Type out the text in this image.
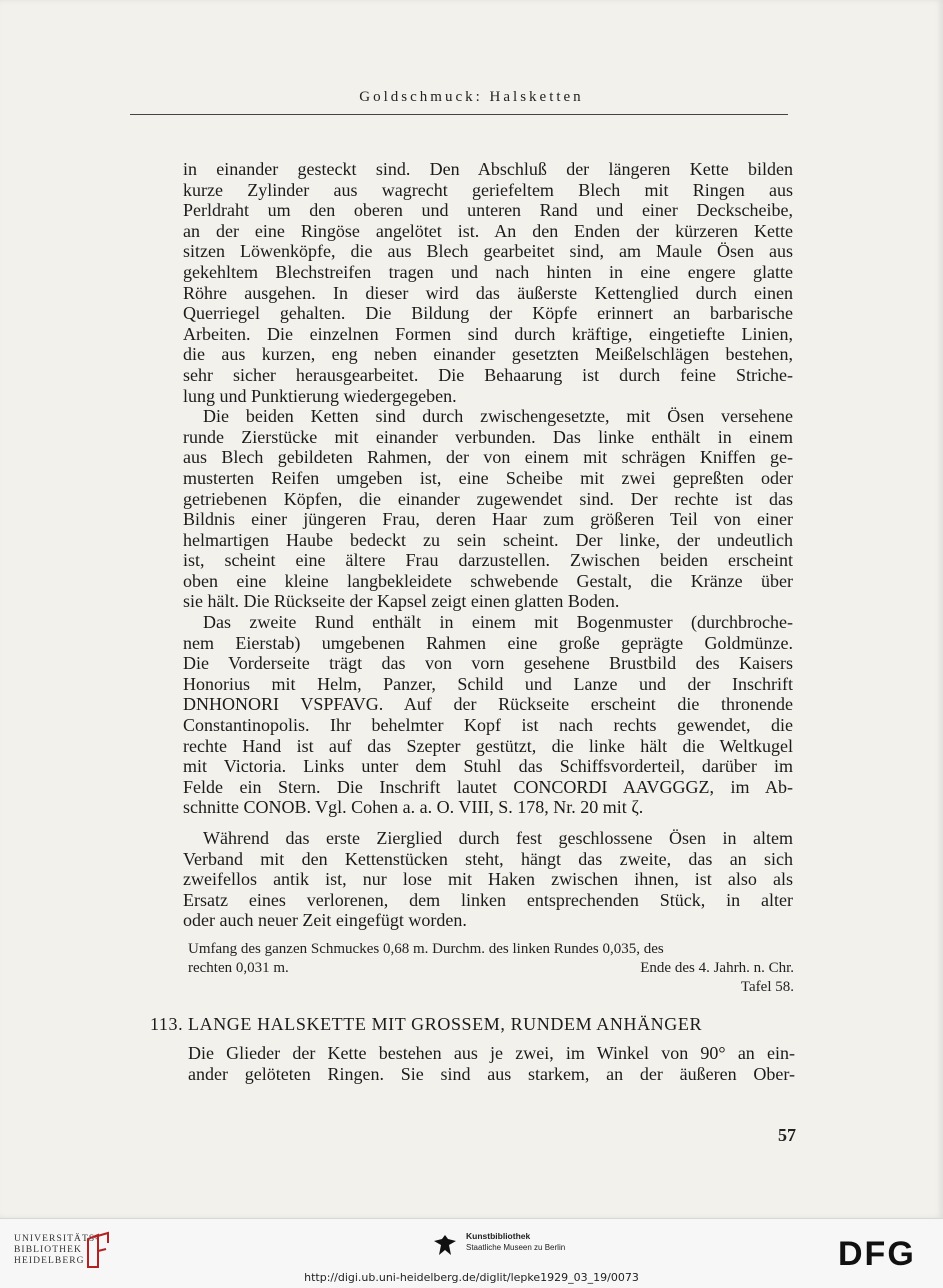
Goldschmuck: Halsketten

in einander gesteckt sind. Den Abschluß der längeren Kette bilden
kurze Zylinder aus wagrecht geriefeltem Blech mit Ringen aus
Perldraht um den oberen und unteren Rand und einer Deckscheibe,
an der eine Ringöse angelötet ist. An den Enden der kürzeren Kette
sitzen Löwenköpfe, die aus Blech gearbeitet sind, am Maule Ösen aus
gekehltem Blechstreifen tragen und nach hinten in eine engere glatte
Röhre ausgehen. In dieser wird das äußerste Kettenglied durch einen
Querriegel gehalten. Die Bildung der Köpfe erinnert an barbarische
Arbeiten. Die einzelnen Formen sind durch kräftige, eingetiefte Linien,
die aus kurzen, eng neben einander gesetzten Meißelschlägen bestehen,
sehr sicher herausgearbeitet. Die Behaarung ist durch feine Striche-
lung und Punktierung wiedergegeben.

Die beiden Ketten sind durch zwischengesetzte, mit Ösen versehene
runde Zierstücke mit einander verbunden. Das linke enthält in einem
aus Blech gebildeten Rahmen, der von einem mit schrägen Kniffen ge-
musterten Reifen umgeben ist, eine Scheibe mit zwei gepreßten oder
getriebenen Köpfen, die einander zugewendet sind. Der rechte ist das
Bildnis einer jüngeren Frau, deren Haar zum größeren Teil von einer
helmartigen Haube bedeckt zu sein scheint. Der linke, der undeutlich
ist, scheint eine ältere Frau darzustellen. Zwischen beiden erscheint
oben eine kleine langbekleidete schwebende Gestalt, die Kränze über
sie hält. Die Rückseite der Kapsel zeigt einen glatten Boden.

Das zweite Rund enthält in einem mit Bogenmuster (durchbroche-
nem Eierstab) umgebenen Rahmen eine große geprägte Goldmünze.
Die Vorderseite trägt das von vorn gesehene Brustbild des Kaisers
Honorius mit Helm, Panzer, Schild und Lanze und der Inschrift
DNHONORI VSPFAVG. Auf der Rückseite erscheint die thronende
Constantinopolis. Ihr behelmter Kopf ist nach rechts gewendet, die
rechte Hand ist auf das Szepter gestützt, die linke hält die Weltkugel
mit Victoria. Links unter dem Stuhl das Schiffsvorderteil, darüber im
Felde ein Stern. Die Inschrift lautet CONCORDI AAVGGGZ, im Ab-
schnitte CONOB. Vgl. Cohen a. a. O. VIII, S. 178, Nr. 20 mit ζ.

Während das erste Zierglied durch fest geschlossene Ösen in altem
Verband mit den Kettenstücken steht, hängt das zweite, das an sich
zweifellos antik ist, nur lose mit Haken zwischen ihnen, ist also als
Ersatz eines verlorenen, dem linken entsprechenden Stück, in alter
oder auch neuer Zeit eingefügt worden.

Umfang des ganzen Schmuckes 0,68 m. Durchm. des linken Rundes 0,035, des
rechten 0,031 m.	Ende des 4. Jahrh. n. Chr.
Tafel 58.
113. LANGE HALSKETTE MIT GROSSEM, RUNDEM ANHÄNGER
Die Glieder der Kette bestehen aus je zwei, im Winkel von 90° an ein-
ander gelöteten Ringen. Sie sind aus starkem, an der äußeren Ober-
57
UNIVERSITÄTS-
BIBLIOTHEK
HEIDELBERG
Kunstbibliothek
Staatliche Museen zu Berlin	DFG
http://digi.ub.uni-heidelberg.de/diglit/lepke1929_03_19/0073
